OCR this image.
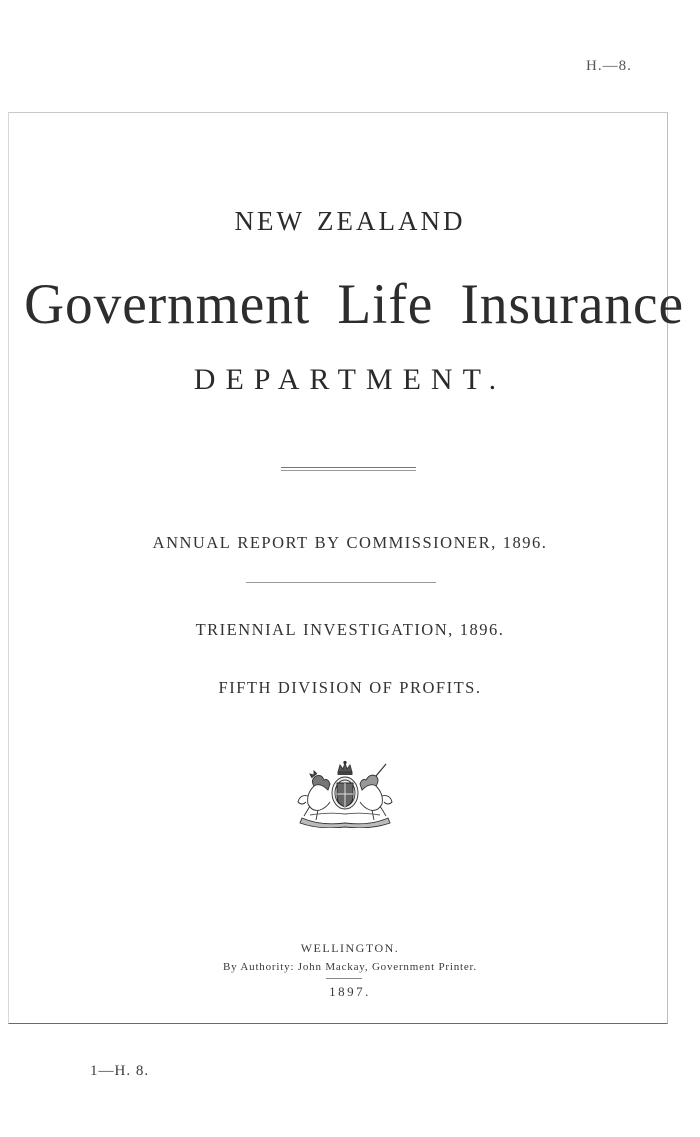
H.—8.
NEW ZEALAND
Government Life Insurance
DEPARTMENT.
ANNUAL REPORT BY COMMISSIONER, 1896.
TRIENNIAL INVESTIGATION, 1896.
FIFTH DIVISION OF PROFITS.
WELLINGTON.
By Authority: John Mackay, Government Printer.
1897.
1—H. 8.
